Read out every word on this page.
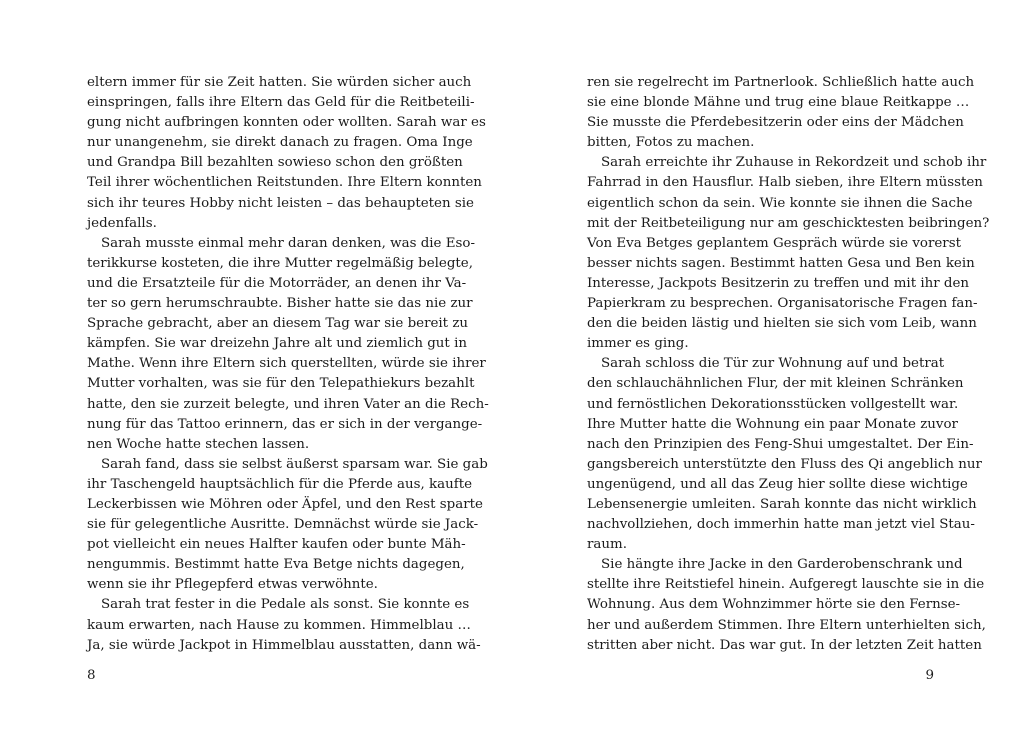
eltern immer für sie Zeit hatten. Sie würden sicher auch
einspringen, falls ihre Eltern das Geld für die Reitbeteili-
gung nicht aufbringen konnten oder wollten. Sarah war es
nur unangenehm, sie direkt danach zu fragen. Oma Inge
und Grandpa Bill bezahlten sowieso schon den größten
Teil ihrer wöchentlichen Reitstunden. Ihre Eltern konnten
sich ihr teures Hobby nicht leisten – das behaupteten sie
jedenfalls.
Sarah musste einmal mehr daran denken, was die Eso-
terikkurse kosteten, die ihre Mutter regelmäßig belegte,
und die Ersatzteile für die Motorräder, an denen ihr Va-
ter so gern herumschraubte. Bisher hatte sie das nie zur
Sprache gebracht, aber an diesem Tag war sie bereit zu
kämpfen. Sie war dreizehn Jahre alt und ziemlich gut in
Mathe. Wenn ihre Eltern sich querstellten, würde sie ihrer
Mutter vorhalten, was sie für den Telepathiekurs bezahlt
hatte, den sie zurzeit belegte, und ihren Vater an die Rech-
nung für das Tattoo erinnern, das er sich in der vergange-
nen Woche hatte stechen lassen.
Sarah fand, dass sie selbst äußerst sparsam war. Sie gab
ihr Taschengeld hauptsächlich für die Pferde aus, kaufte
Leckerbissen wie Möhren oder Äpfel, und den Rest sparte
sie für gelegentliche Ausritte. Demnächst würde sie Jack-
pot vielleicht ein neues Halfter kaufen oder bunte Mäh-
nengummis. Bestimmt hatte Eva Betge nichts dagegen,
wenn sie ihr Pflegepferd etwas verwöhnte.
Sarah trat fester in die Pedale als sonst. Sie konnte es
kaum erwarten, nach Hause zu kommen. Himmelblau …
Ja, sie würde Jackpot in Himmelblau ausstatten, dann wä-
8
ren sie regelrecht im Partnerlook. Schließlich hatte auch
sie eine blonde Mähne und trug eine blaue Reitkappe …
Sie musste die Pferdebesitzerin oder eins der Mädchen
bitten, Fotos zu machen.
Sarah erreichte ihr Zuhause in Rekordzeit und schob ihr
Fahrrad in den Hausflur. Halb sieben, ihre Eltern müssten
eigentlich schon da sein. Wie konnte sie ihnen die Sache
mit der Reitbeteiligung nur am geschicktesten beibringen?
Von Eva Betges geplantem Gespräch würde sie vorerst
besser nichts sagen. Bestimmt hatten Gesa und Ben kein
Interesse, Jackpots Besitzerin zu treffen und mit ihr den
Papierkram zu besprechen. Organisatorische Fragen fan-
den die beiden lästig und hielten sie sich vom Leib, wann
immer es ging.
Sarah schloss die Tür zur Wohnung auf und betrat
den schlauchähnlichen Flur, der mit kleinen Schränken
und fernöstlichen Dekorationsstücken vollgestellt war.
Ihre Mutter hatte die Wohnung ein paar Monate zuvor
nach den Prinzipien des Feng-Shui umgestaltet. Der Ein-
gangsbereich unterstützte den Fluss des Qi angeblich nur
ungenügend, und all das Zeug hier sollte diese wichtige
Lebensenergie umleiten. Sarah konnte das nicht wirklich
nachvollziehen, doch immerhin hatte man jetzt viel Stau-
raum.
Sie hängte ihre Jacke in den Garderobenschrank und
stellte ihre Reitstiefel hinein. Aufgeregt lauschte sie in die
Wohnung. Aus dem Wohnzimmer hörte sie den Fernse-
her und außerdem Stimmen. Ihre Eltern unterhielten sich,
stritten aber nicht. Das war gut. In der letzten Zeit hatten
9
